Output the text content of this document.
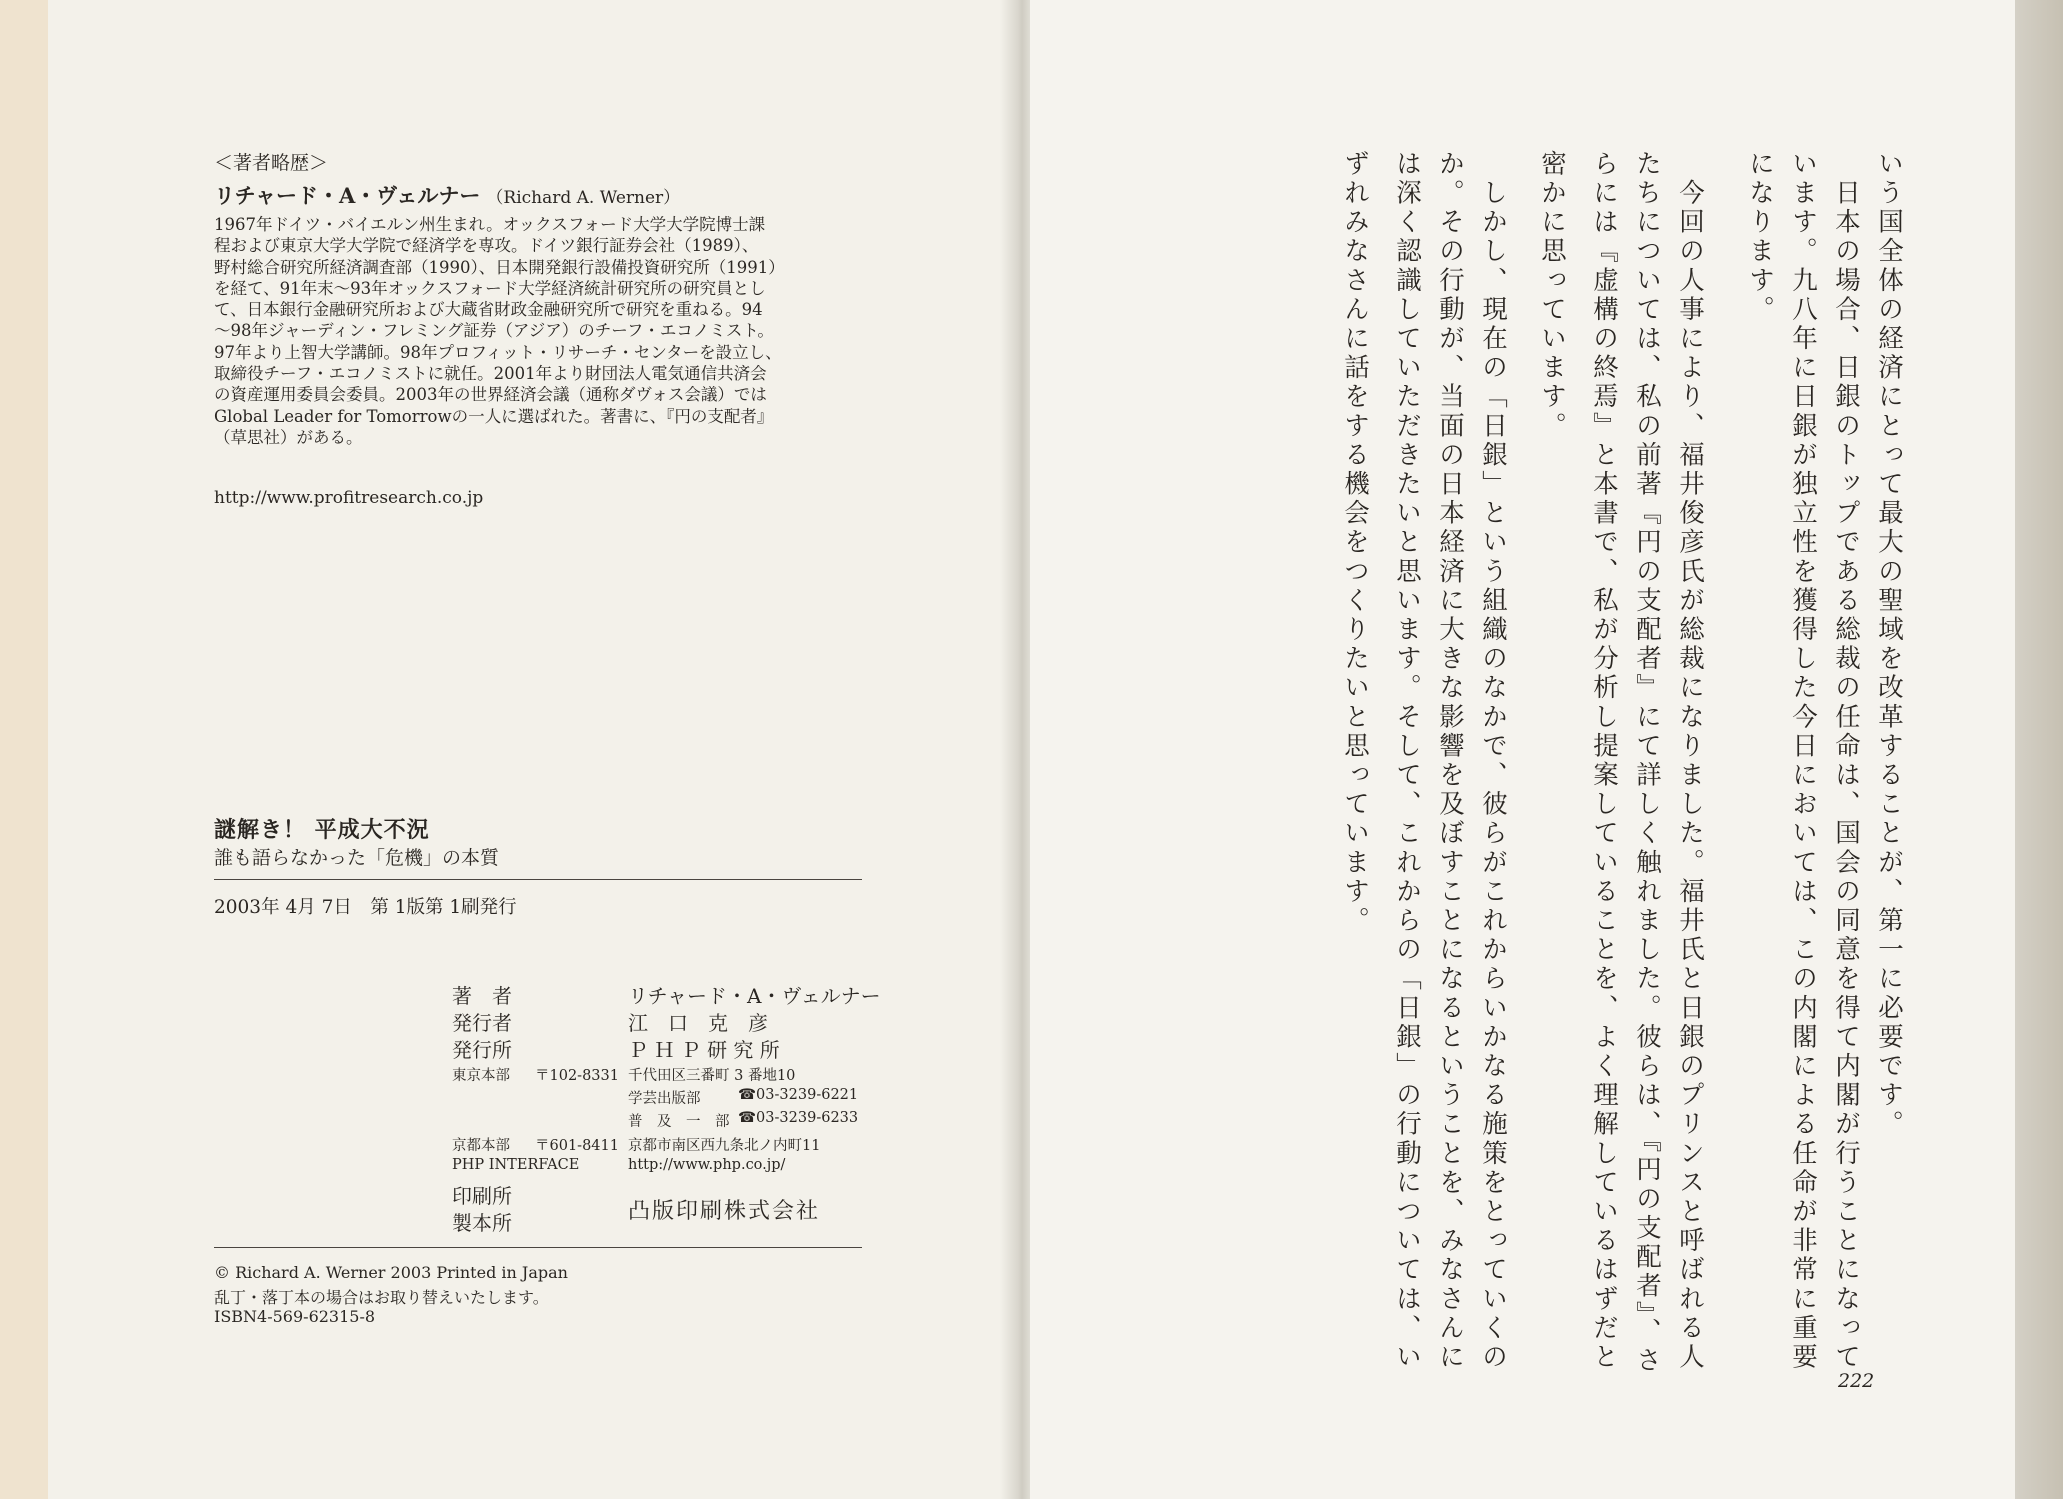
＜著者略歴＞
リチャード・A・ヴェルナー （Richard A. Werner）
1967年ドイツ・バイエルン州生まれ。オックスフォード大学大学院博士課
程および東京大学大学院で経済学を専攻。ドイツ銀行証券会社（1989）、
野村総合研究所経済調査部（1990）、日本開発銀行設備投資研究所（1991）
を経て、91年末～93年オックスフォード大学経済統計研究所の研究員とし
て、日本銀行金融研究所および大蔵省財政金融研究所で研究を重ねる。94
～98年ジャーディン・フレミング証券（アジア）のチーフ・エコノミスト。
97年より上智大学講師。98年プロフィット・リサーチ・センターを設立し、
取締役チーフ・エコノミストに就任。2001年より財団法人電気通信共済会
の資産運用委員会委員。2003年の世界経済会議（通称ダヴォス会議）では
Global Leader for Tomorrowの一人に選ばれた。著書に、『円の支配者』
（草思社）がある。
http://www.profitresearch.co.jp
謎解き！ 平成大不況
誰も語らなかった「危機」の本質
2003年 4月 7日　第 1版第 1刷発行
著　者	リチャード・A・ヴェルナー
発行者	江　口　克　彦
発行所	Ｐ Ｈ Ｐ 研 究 所
東京本部 〒102-8331 千代田区三番町 3 番地10
学芸出版部	☎03-3239-6221
普　及　一　部 ☎03-3239-6233
京都本部 〒601-8411 京都市南区西九条北ノ内町11
PHP INTERFACE	http://www.php.co.jp/
印刷所
製本所	凸版印刷株式会社
© Richard A. Werner 2003 Printed in Japan
乱丁・落丁本の場合はお取り替えいたします。
ISBN4-569-62315-8
いう国全体の経済にとって最大の聖域を改革することが、第一に必要です。
　日本の場合、日銀のトップである総裁の任命は、国会の同意を得て内閣が行うことになって
います。九八年に日銀が独立性を獲得した今日においては、この内閣による任命が非常に重要
になります。
　今回の人事により、福井俊彦氏が総裁になりました。福井氏と日銀のプリンスと呼ばれる人
たちについては、私の前著『円の支配者』にて詳しく触れました。彼らは、『円の支配者』、さ
らには『虚構の終焉』と本書で、私が分析し提案していることを、よく理解しているはずだと
密かに思っています。
　しかし、現在の「日銀」という組織のなかで、彼らがこれからいかなる施策をとっていくの
か。その行動が、当面の日本経済に大きな影響を及ぼすことになるということを、みなさんに
は深く認識していただきたいと思います。そして、これからの「日銀」の行動については、い
ずれみなさんに話をする機会をつくりたいと思っています。
222
